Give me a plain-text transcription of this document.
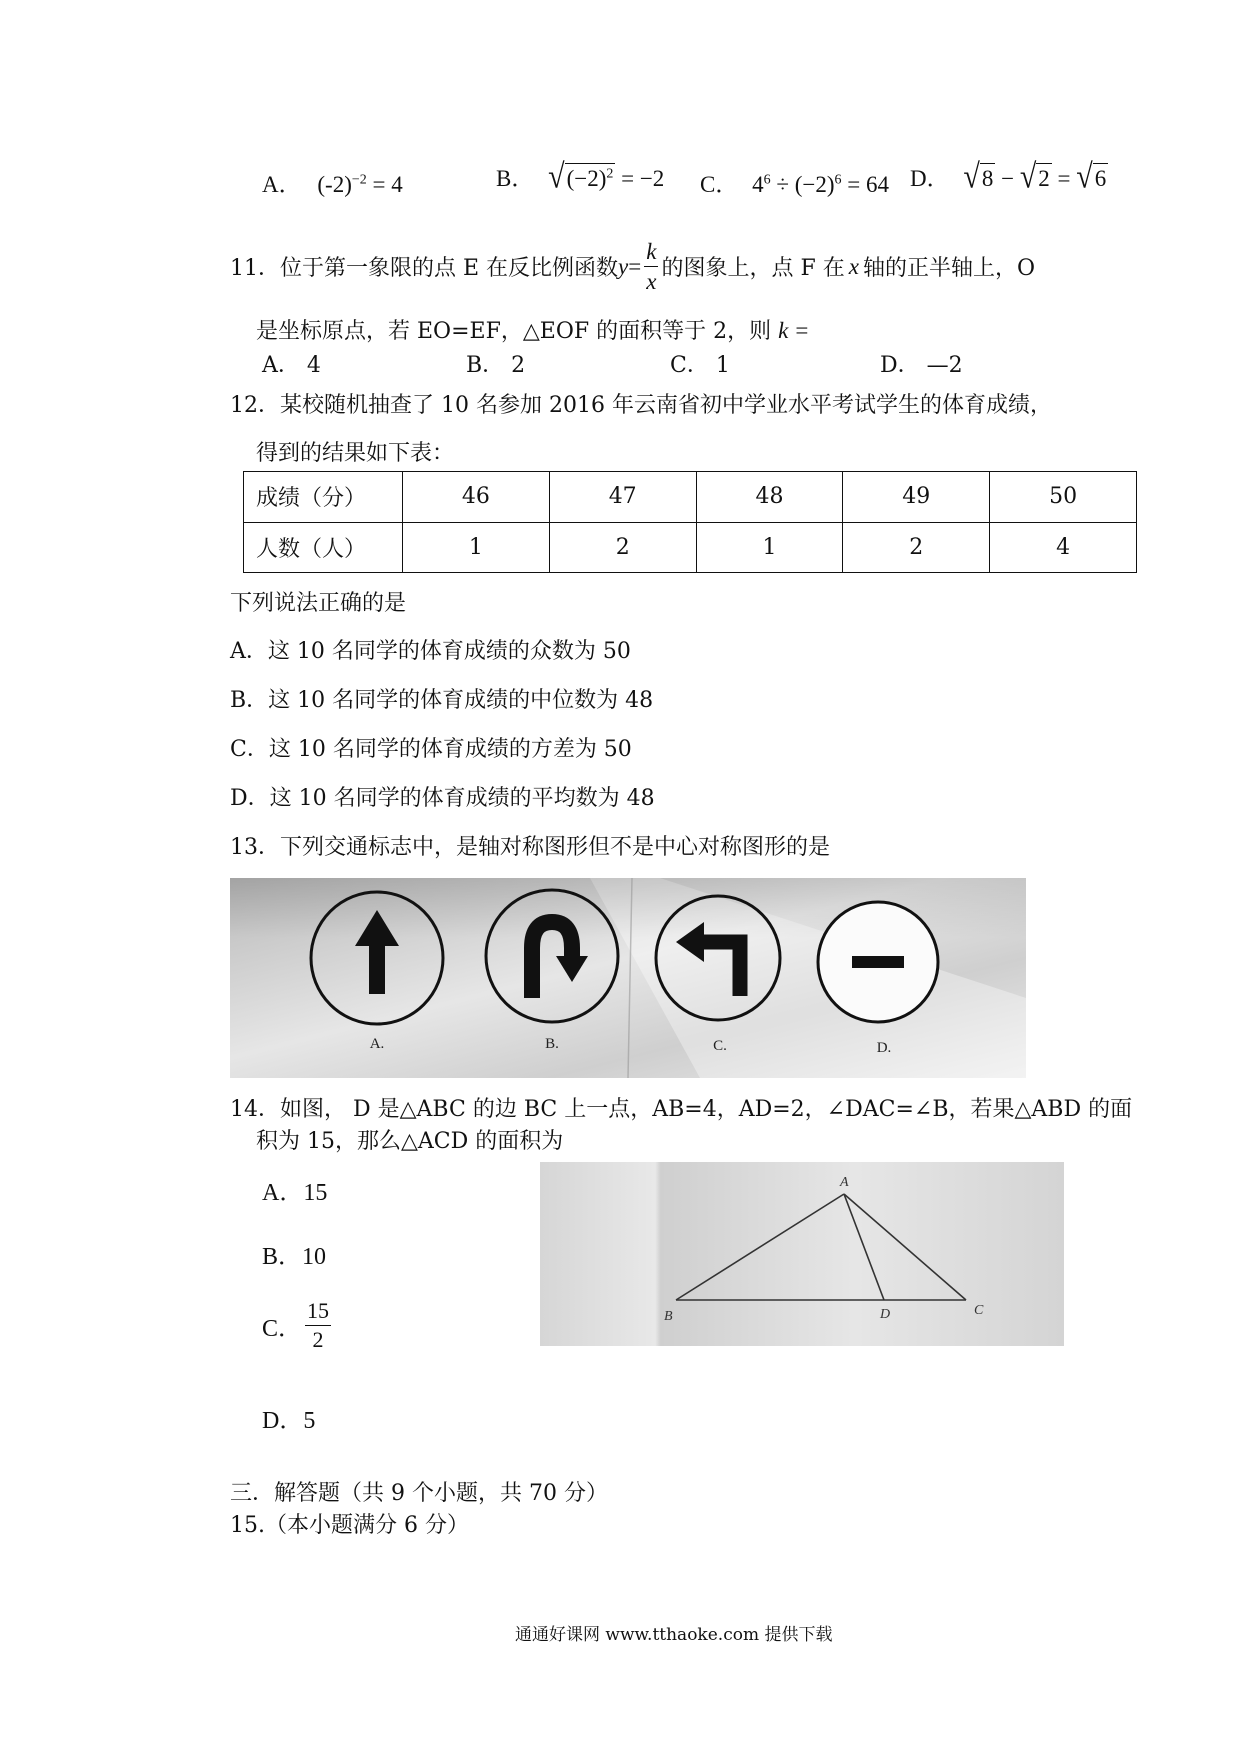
A． $(-2)^{-2} = 4$	B． √ $(-2)^2 = -2$ C． $4^6 \div (-2)^6 = 64$ D． √ 8 − √ 2 = √ 6
11．位于第一象限的点 E 在反比例函数 $y = \frac{k}{x}$ 的图象上，点 F 在 x 轴的正半轴上，O
是坐标原点，若 EO=EF，△EOF 的面积等于 2，则 k =
A． 4	B． 2	C． 1	D． —2
12．某校随机抽查了 10 名参加 2016 年云南省初中学业水平考试学生的体育成绩，
得到的结果如下表：
成绩（分）	46	47	48	49	50
人数（人）	1	2	1	2	4
下列说法正确的是
A．这 10 名同学的体育成绩的众数为 50
B．这 10 名同学的体育成绩的中位数为 48
C．这 10 名同学的体育成绩的方差为 50
D．这 10 名同学的体育成绩的平均数为 48
13．下列交通标志中，是轴对称图形但不是中心对称图形的是
A.	B.	C.	D.
14．如图， D 是△ABC 的边 BC 上一点，AB=4，AD=2，∠DAC=∠B，若果△ABD 的面
积为 15，那么△ACD 的面积为
A．15
B．10
C． $\frac{15}{2}$
D．5
A
B	C
D
三．解答题（共 9 个小题，共 70 分）
15.（本小题满分 6 分）
通通好课网 www.tthaoke.com 提供下载
